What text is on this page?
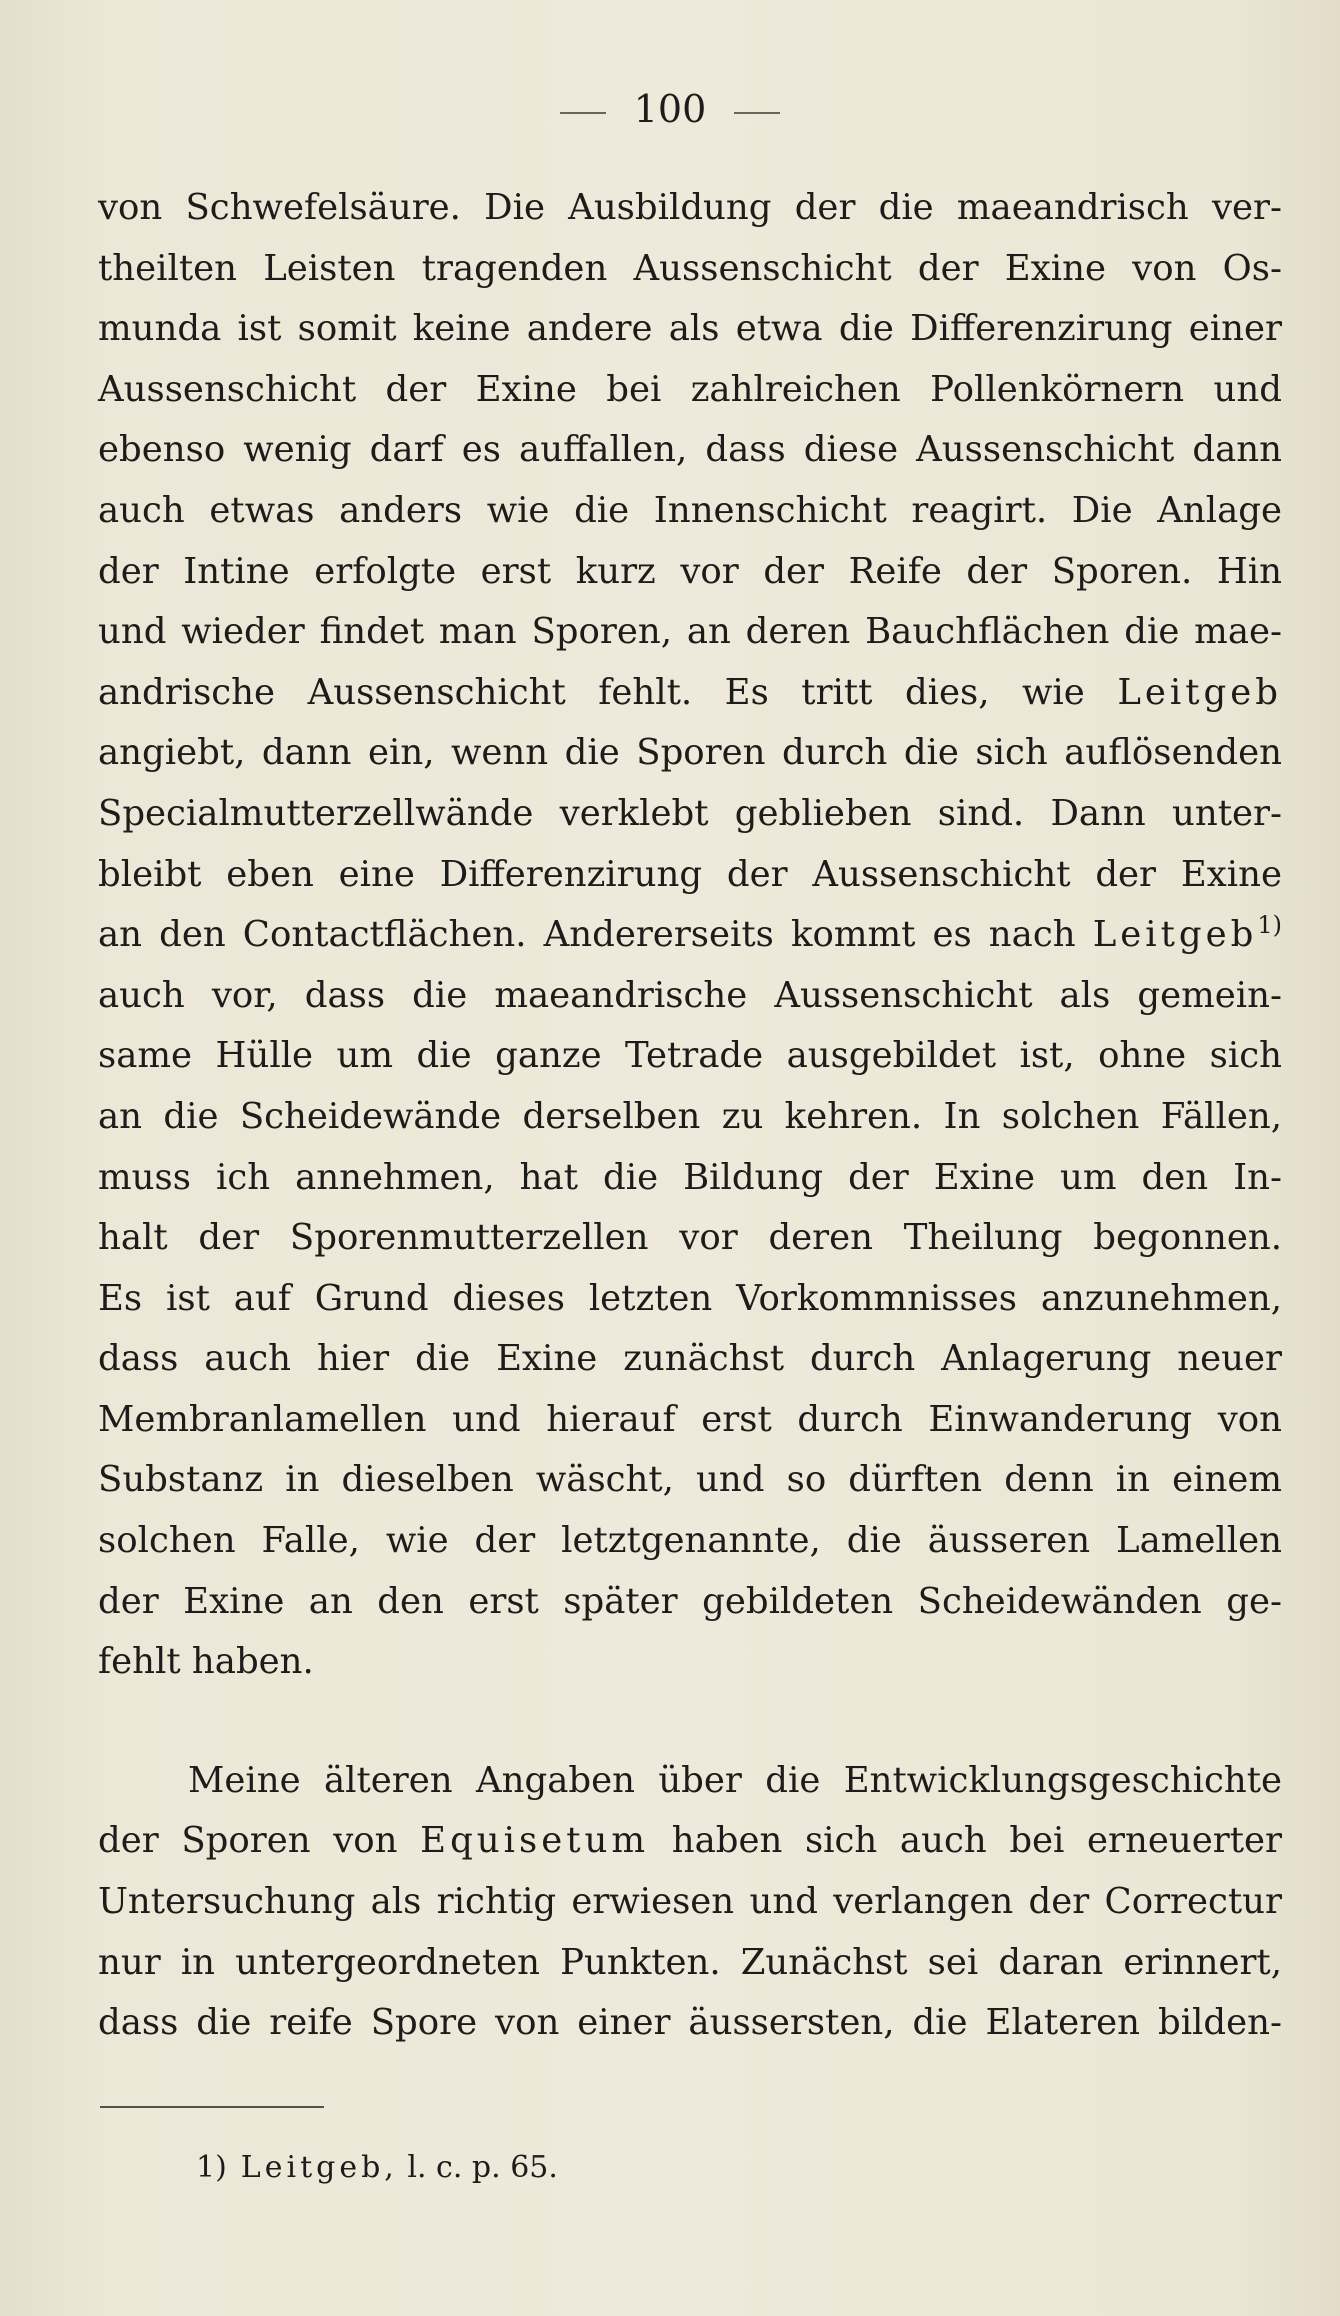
100
von Schwefelsäure. Die Ausbildung der die maeandrisch ver-
theilten Leisten tragenden Aussenschicht der Exine von Os-
munda ist somit keine andere als etwa die Differenzirung einer
Aussenschicht der Exine bei zahlreichen Pollenkörnern und
ebenso wenig darf es auffallen, dass diese Aussenschicht dann
auch etwas anders wie die Innenschicht reagirt. Die Anlage
der Intine erfolgte erst kurz vor der Reife der Sporen. Hin
und wieder findet man Sporen, an deren Bauchflächen die mae-
andrische Aussenschicht fehlt. Es tritt dies, wie Leitgeb
angiebt, dann ein, wenn die Sporen durch die sich auflösenden
Specialmutterzellwände verklebt geblieben sind. Dann unter-
bleibt eben eine Differenzirung der Aussenschicht der Exine
an den Contactflächen. Andererseits kommt es nach Leitgeb$^{1)}$
auch vor, dass die maeandrische Aussenschicht als gemein-
same Hülle um die ganze Tetrade ausgebildet ist, ohne sich
an die Scheidewände derselben zu kehren. In solchen Fällen,
muss ich annehmen, hat die Bildung der Exine um den In-
halt der Sporenmutterzellen vor deren Theilung begonnen.
Es ist auf Grund dieses letzten Vorkommnisses anzunehmen,
dass auch hier die Exine zunächst durch Anlagerung neuer
Membranlamellen und hierauf erst durch Einwanderung von
Substanz in dieselben wäscht, und so dürften denn in einem
solchen Falle, wie der letztgenannte, die äusseren Lamellen
der Exine an den erst später gebildeten Scheidewänden ge-
fehlt haben.
Meine älteren Angaben über die Entwicklungsgeschichte
der Sporen von Equisetum haben sich auch bei erneuerter
Untersuchung als richtig erwiesen und verlangen der Correctur
nur in untergeordneten Punkten. Zunächst sei daran erinnert,
dass die reife Spore von einer äussersten, die Elateren bilden-
1) Leitgeb, l. c. p. 65.
